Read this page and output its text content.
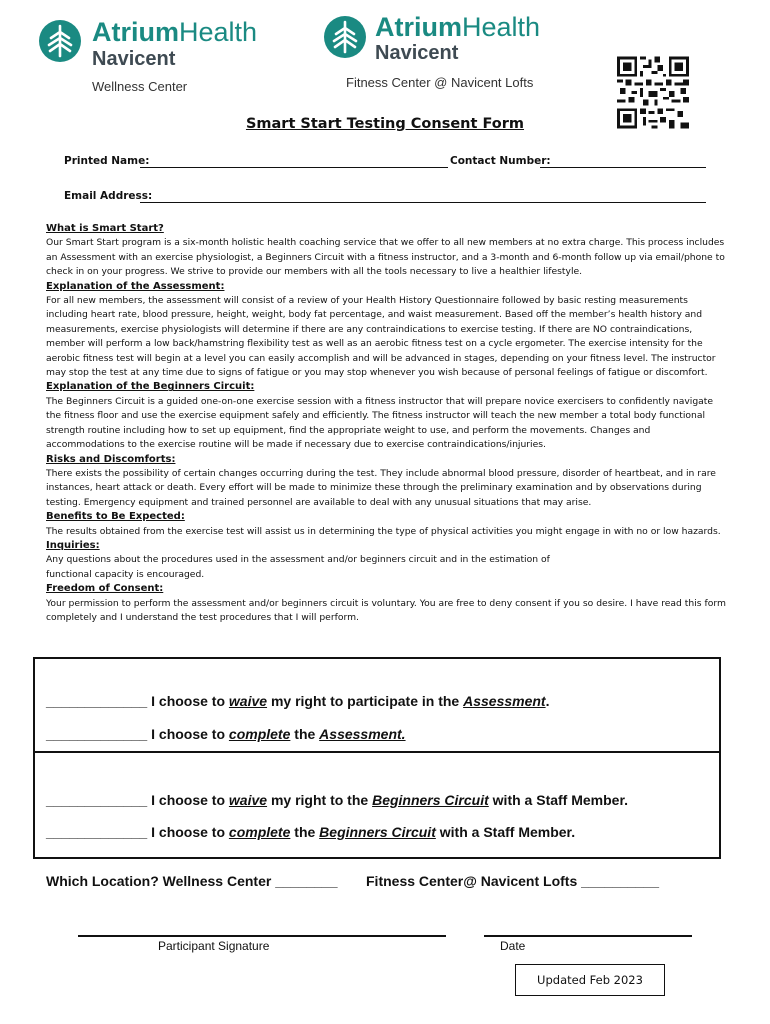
AtriumHealth
Navicent
Wellness Center
AtriumHealth
Navicent
Fitness Center @ Navicent Lofts
Smart Start Testing Consent Form
Printed Name:	Contact Number:
Email Address:
What is Smart Start?
Our Smart Start program is a six-month holistic health coaching service that we offer to all new members at no extra charge. This process includes an Assessment with an exercise physiologist, a Beginners Circuit with a fitness instructor, and a 3-month and 6-month follow up via email/phone to check in on your progress. We strive to provide our members with all the tools necessary to live a healthier lifestyle.
Explanation of the Assessment:
For all new members, the assessment will consist of a review of your Health History Questionnaire followed by basic resting measurements including heart rate, blood pressure, height, weight, body fat percentage, and waist measurement. Based off the member’s health history and measurements, exercise physiologists will determine if there are any contraindications to exercise testing. If there are NO contraindications, member will perform a low back/hamstring flexibility test as well as an aerobic fitness test on a cycle ergometer. The exercise intensity for the aerobic fitness test will begin at a level you can easily accomplish and will be advanced in stages, depending on your fitness level. The instructor may stop the test at any time due to signs of fatigue or you may stop whenever you wish because of personal feelings of fatigue or discomfort.
Explanation of the Beginners Circuit:
The Beginners Circuit is a guided one-on-one exercise session with a fitness instructor that will prepare novice exercisers to confidently navigate the fitness floor and use the exercise equipment safely and efficiently. The fitness instructor will teach the new member a total body functional strength routine including how to set up equipment, find the appropriate weight to use, and perform the movements. Changes and accommodations to the exercise routine will be made if necessary due to exercise contraindications/injuries.
Risks and Discomforts:
There exists the possibility of certain changes occurring during the test. They include abnormal blood pressure, disorder of heartbeat, and in rare instances, heart attack or death. Every effort will be made to minimize these through the preliminary examination and by observations during testing. Emergency equipment and trained personnel are available to deal with any unusual situations that may arise.
Benefits to Be Expected:
The results obtained from the exercise test will assist us in determining the type of physical activities you might engage in with no or low hazards.
Inquiries:
Any questions about the procedures used in the assessment and/or beginners circuit and in the estimation of functional capacity is encouraged.
Freedom of Consent:
Your permission to perform the assessment and/or beginners circuit is voluntary. You are free to deny consent if you so desire. I have read this form completely and I understand the test procedures that I will perform.
_____________ I choose to waive my right to participate in the Assessment.
_____________ I choose to complete the Assessment.
_____________ I choose to waive my right to the Beginners Circuit with a Staff Member.
_____________ I choose to complete the Beginners Circuit with a Staff Member.
Which Location? Wellness Center ________ Fitness Center@ Navicent Lofts __________
Participant Signature	Date
Updated Feb 2023
